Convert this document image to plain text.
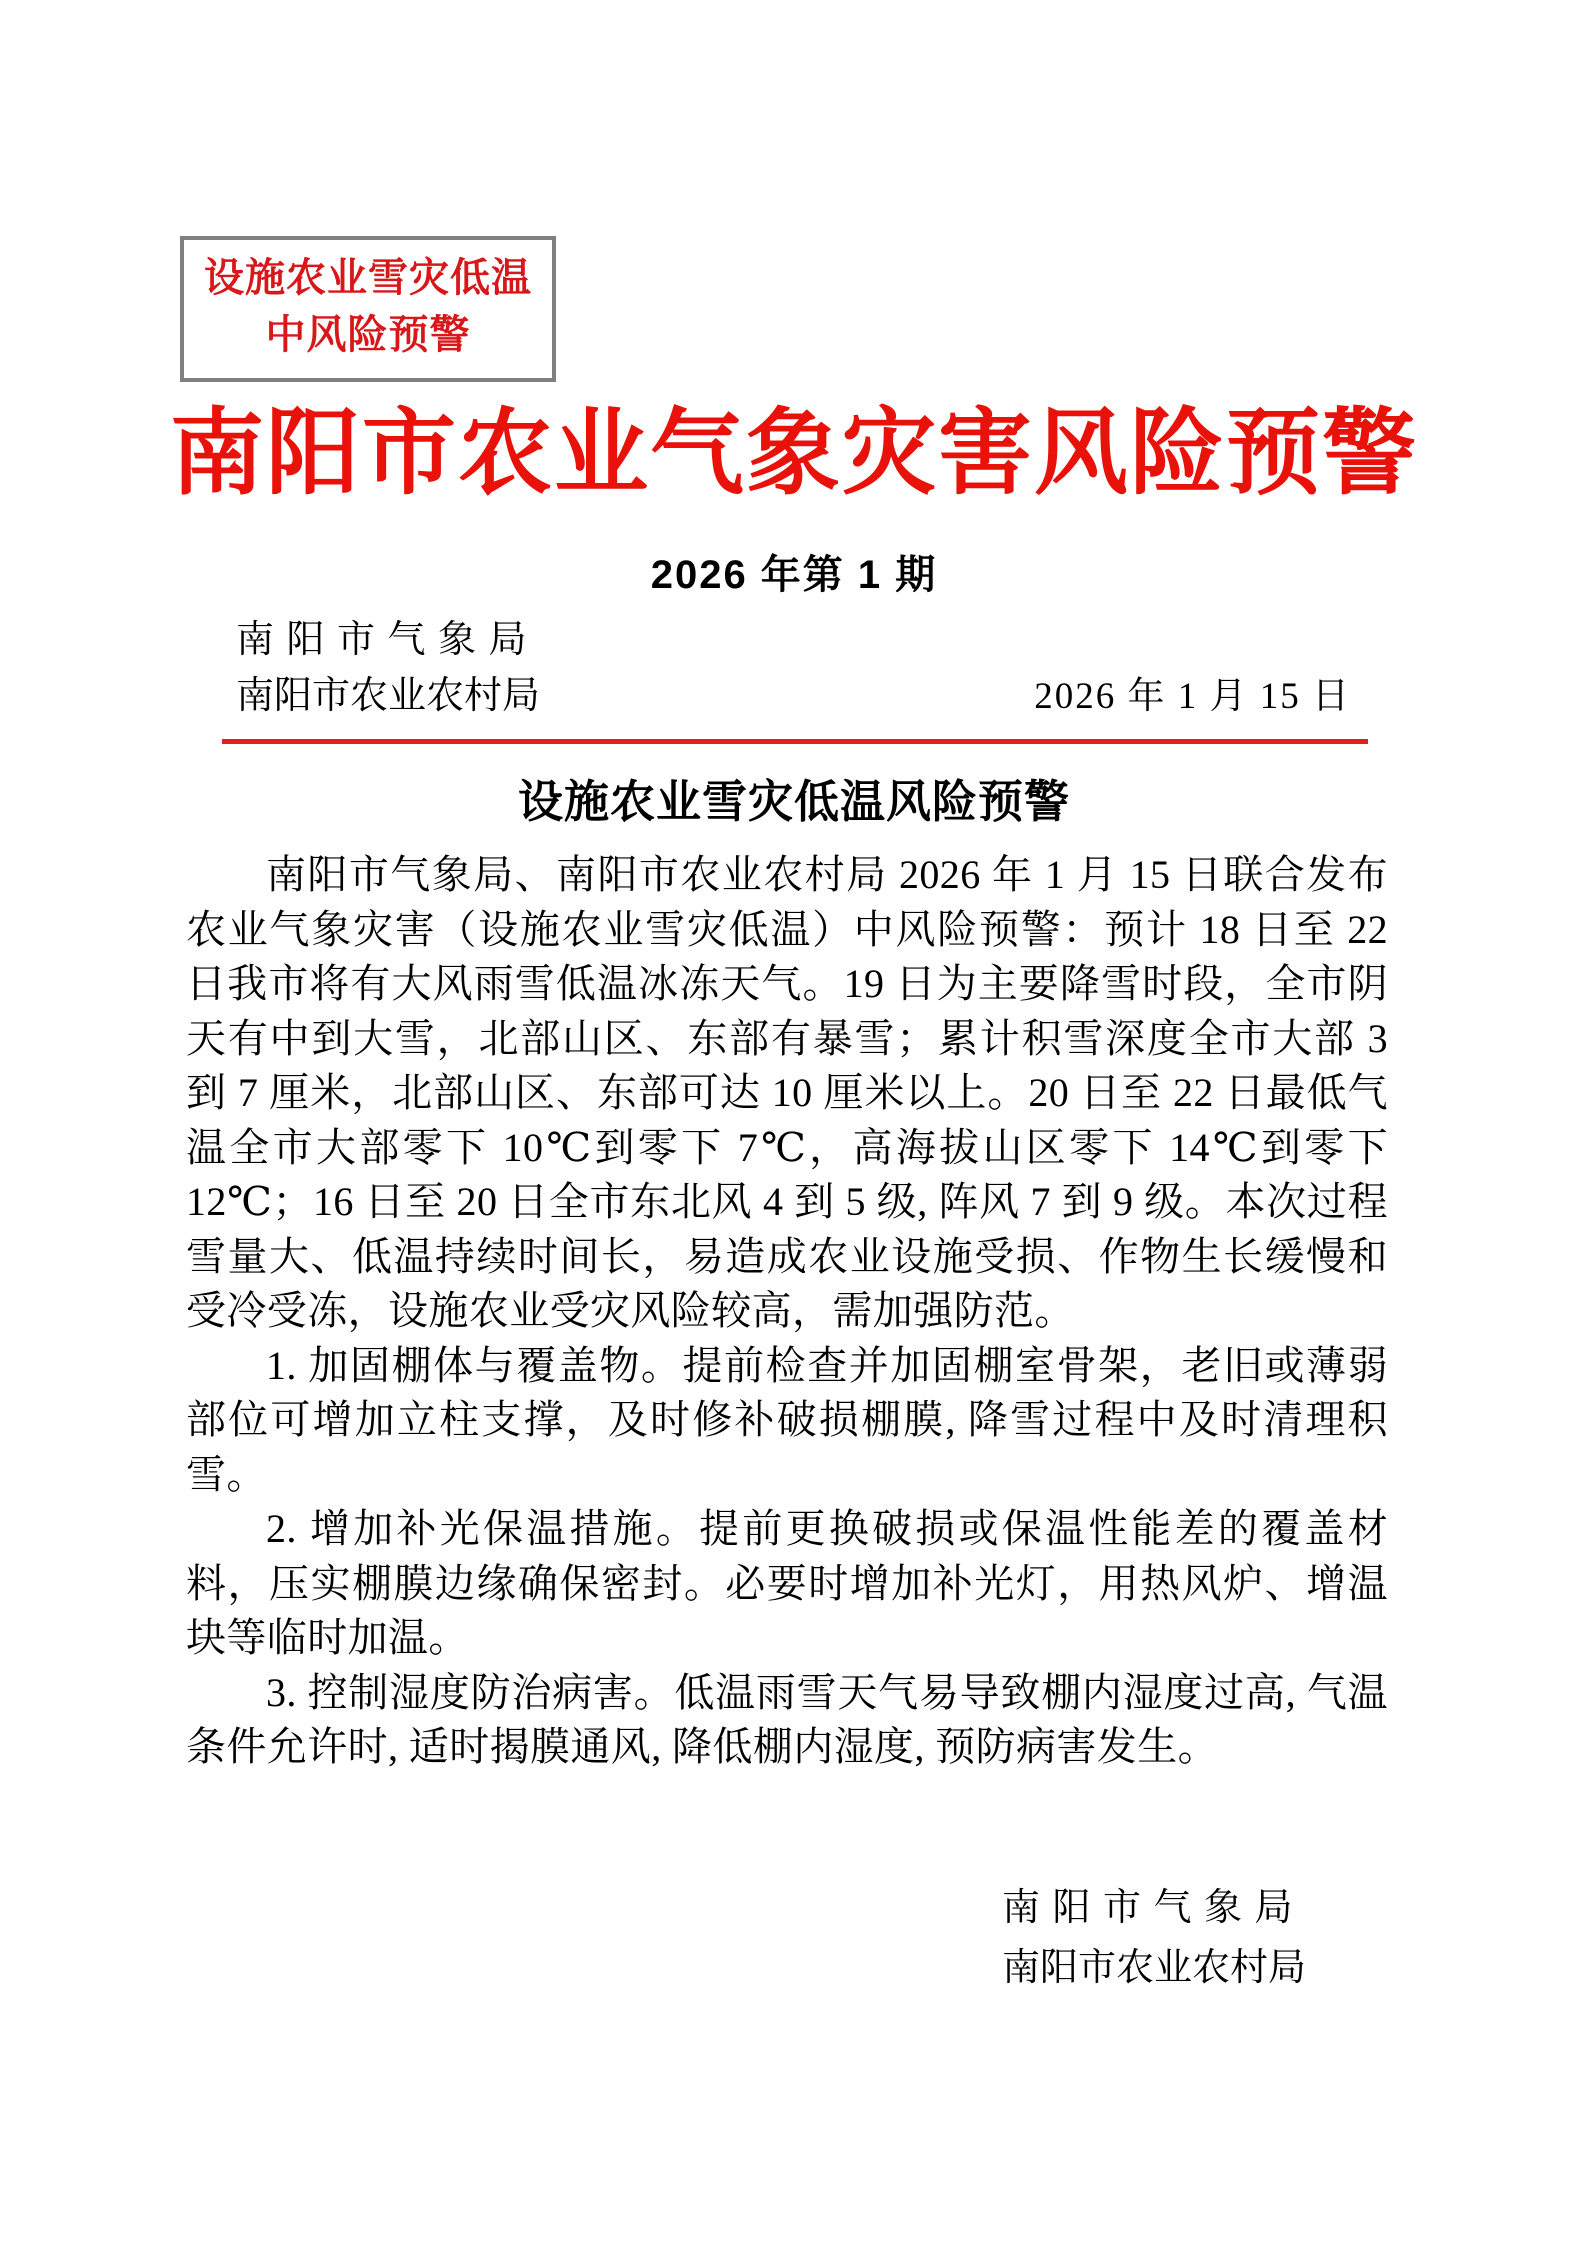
设施农业雪灾低温
中风险预警
南阳市农业气象灾害风险预警
2026 年第 1 期
南阳市气象局
南阳市农业农村局	2026 年 1 月 15 日
设施农业雪灾低温风险预警

南阳市气象局、南阳市农业农村局 2026 年 1 月 15 日联合发布农业气象灾害（设施农业雪灾低温）中风险预警：预计 18 日至 22 日我市将有大风雨雪低温冰冻天气。19 日为主要降雪时段，全市阴天有中到大雪，北部山区、东部有暴雪；累计积雪深度全市大部 3 到 7 厘米，北部山区、东部可达 10 厘米以上。20 日至 22 日最低气温全市大部零下 10℃到零下 7℃，高海拔山区零下 14℃到零下 12℃；16 日至 20 日全市东北风 4 到 5 级, 阵风 7 到 9 级。本次过程雪量大、低温持续时间长，易造成农业设施受损、作物生长缓慢和受冷受冻，设施农业受灾风险较高，需加强防范。

1. 加固棚体与覆盖物。提前检查并加固棚室骨架，老旧或薄弱部位可增加立柱支撑，及时修补破损棚膜, 降雪过程中及时清理积雪。

2. 增加补光保温措施。提前更换破损或保温性能差的覆盖材料，压实棚膜边缘确保密封。必要时增加补光灯，用热风炉、增温块等临时加温。

3. 控制湿度防治病害。低温雨雪天气易导致棚内湿度过高, 气温条件允许时, 适时揭膜通风, 降低棚内湿度, 预防病害发生。

南阳市气象局
南阳市农业农村局
